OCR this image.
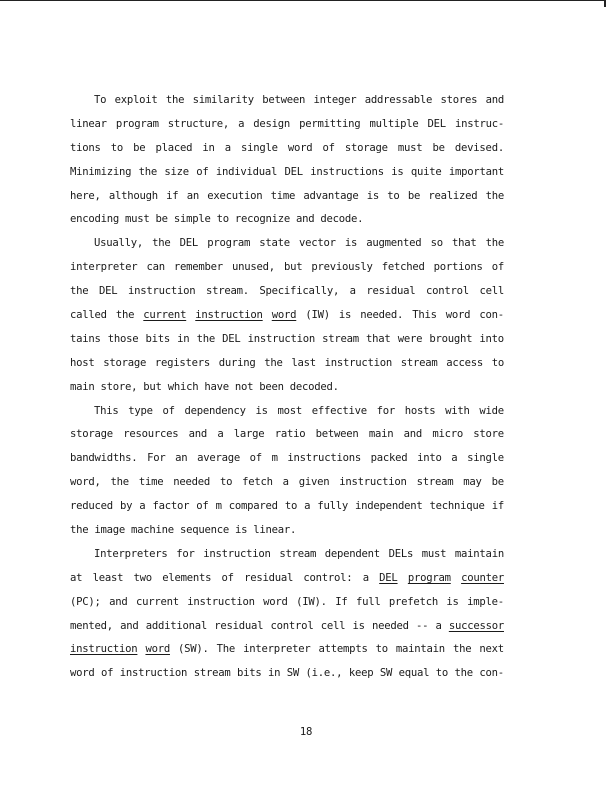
To exploit the similarity between integer addressable stores and
linear program structure, a design permitting multiple DEL instruc-
tions to be placed in a single word of storage must be devised.
Minimizing the size of individual DEL instructions is quite important
here, although if an execution time advantage is to be realized the
encoding must be simple to recognize and decode.
Usually, the DEL program state vector is augmented so that the
interpreter can remember unused, but previously fetched portions of
the DEL instruction stream. Specifically, a residual control cell
called the current instruction word (IW) is needed. This word con-
tains those bits in the DEL instruction stream that were brought into
host storage registers during the last instruction stream access to
main store, but which have not been decoded.
This type of dependency is most effective for hosts with wide
storage resources and a large ratio between main and micro store
bandwidths. For an average of m instructions packed into a single
word, the time needed to fetch a given instruction stream may be
reduced by a factor of m compared to a fully independent technique if
the image machine sequence is linear.
Interpreters for instruction stream dependent DELs must maintain
at least two elements of residual control: a DEL program counter
(PC); and current instruction word (IW). If full prefetch is imple-
mented, and additional residual control cell is needed -- a successor
instruction word (SW). The interpreter attempts to maintain the next
word of instruction stream bits in SW (i.e., keep SW equal to the con-
18
